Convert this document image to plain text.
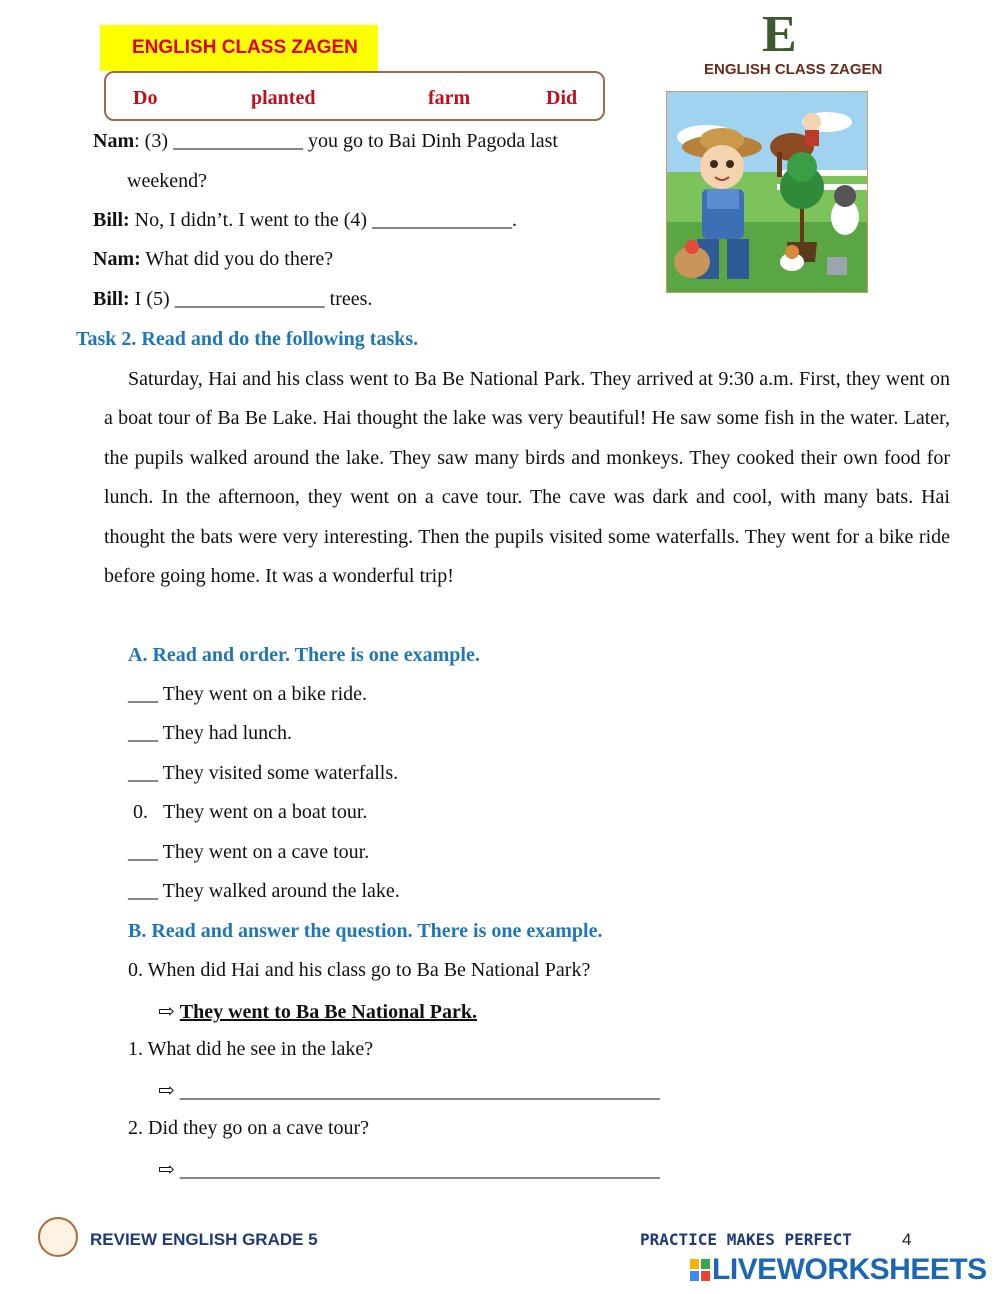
ENGLISH CLASS ZAGEN
Do	planted	farm	Did
E
ENGLISH CLASS ZAGEN
Nam: (3) _____________ you go to Bai Dinh Pagoda last
weekend?
Bill: No, I didn’t. I went to the (4) ______________.
Nam: What did you do there?
Bill: I (5) _______________ trees.
Task 2. Read and do the following tasks.
Saturday, Hai and his class went to Ba Be National Park. They arrived at 9:30 a.m. First, they went on a boat tour of Ba Be Lake. Hai thought the lake was very beautiful! He saw some fish in the water. Later, the pupils walked around the lake. They saw many birds and monkeys. They cooked their own food for lunch. In the afternoon, they went on a cave tour. The cave was dark and cool, with many bats. Hai thought the bats were very interesting. Then the pupils visited some waterfalls. They went for a bike ride before going home. It was a wonderful trip!
A. Read and order. There is one example.
___ They went on a bike ride.
___ They had lunch.
___ They visited some waterfalls.
0. They went on a boat tour.
___ They went on a cave tour.
___ They walked around the lake.
B. Read and answer the question. There is one example.
0. When did Hai and his class go to Ba Be National Park?
⇨ They went to Ba Be National Park.
1. What did he see in the lake?
⇨ ________________________________________________
2. Did they go on a cave tour?
⇨ ________________________________________________
REVIEW ENGLISH GRADE 5	PRACTICE MAKES PERFECT	4
LIVEWORKSHEETS
